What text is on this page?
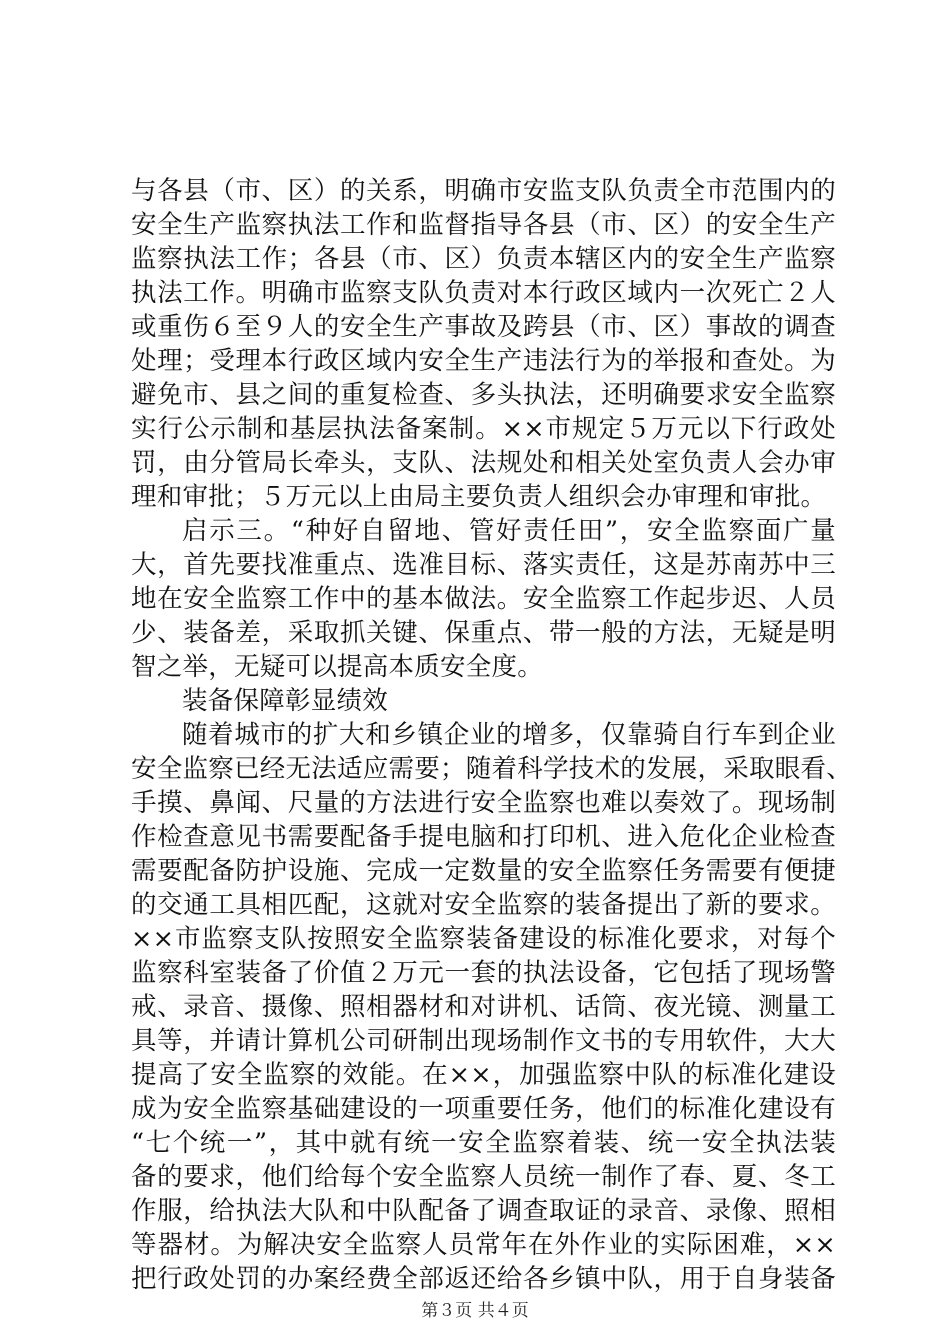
与各县（市、区）的关系，明确市安监支队负责全市范围内的
安全生产监察执法工作和监督指导各县（市、区）的安全生产
监察执法工作；各县（市、区）负责本辖区内的安全生产监察
执法工作。明确市监察支队负责对本行政区域内一次死亡２人
或重伤６至９人的安全生产事故及跨县（市、区）事故的调查
处理；受理本行政区域内安全生产违法行为的举报和查处。为
避免市、县之间的重复检查、多头执法，还明确要求安全监察
实行公示制和基层执法备案制。××市规定５万元以下行政处
罚，由分管局长牵头，支队、法规处和相关处室负责人会办审
理和审批；５万元以上由局主要负责人组织会办审理和审批。
启示三。“种好自留地、管好责任田”，安全监察面广量
大，首先要找准重点、选准目标、落实责任，这是苏南苏中三
地在安全监察工作中的基本做法。安全监察工作起步迟、人员
少、装备差，采取抓关键、保重点、带一般的方法，无疑是明
智之举，无疑可以提高本质安全度。
装备保障彰显绩效
随着城市的扩大和乡镇企业的增多，仅靠骑自行车到企业
安全监察已经无法适应需要；随着科学技术的发展，采取眼看、
手摸、鼻闻、尺量的方法进行安全监察也难以奏效了。现场制
作检查意见书需要配备手提电脑和打印机、进入危化企业检查
需要配备防护设施、完成一定数量的安全监察任务需要有便捷
的交通工具相匹配，这就对安全监察的装备提出了新的要求。
××市监察支队按照安全监察装备建设的标准化要求，对每个
监察科室装备了价值２万元一套的执法设备，它包括了现场警
戒、录音、摄像、照相器材和对讲机、话筒、夜光镜、测量工
具等，并请计算机公司研制出现场制作文书的专用软件，大大
提高了安全监察的效能。在××，加强监察中队的标准化建设
成为安全监察基础建设的一项重要任务，他们的标准化建设有
“七个统一”，其中就有统一安全监察着装、统一安全执法装
备的要求，他们给每个安全监察人员统一制作了春、夏、冬工
作服，给执法大队和中队配备了调查取证的录音、录像、照相
等器材。为解决安全监察人员常年在外作业的实际困难，××
把行政处罚的办案经费全部返还给各乡镇中队，用于自身装备
第３页 共４页
